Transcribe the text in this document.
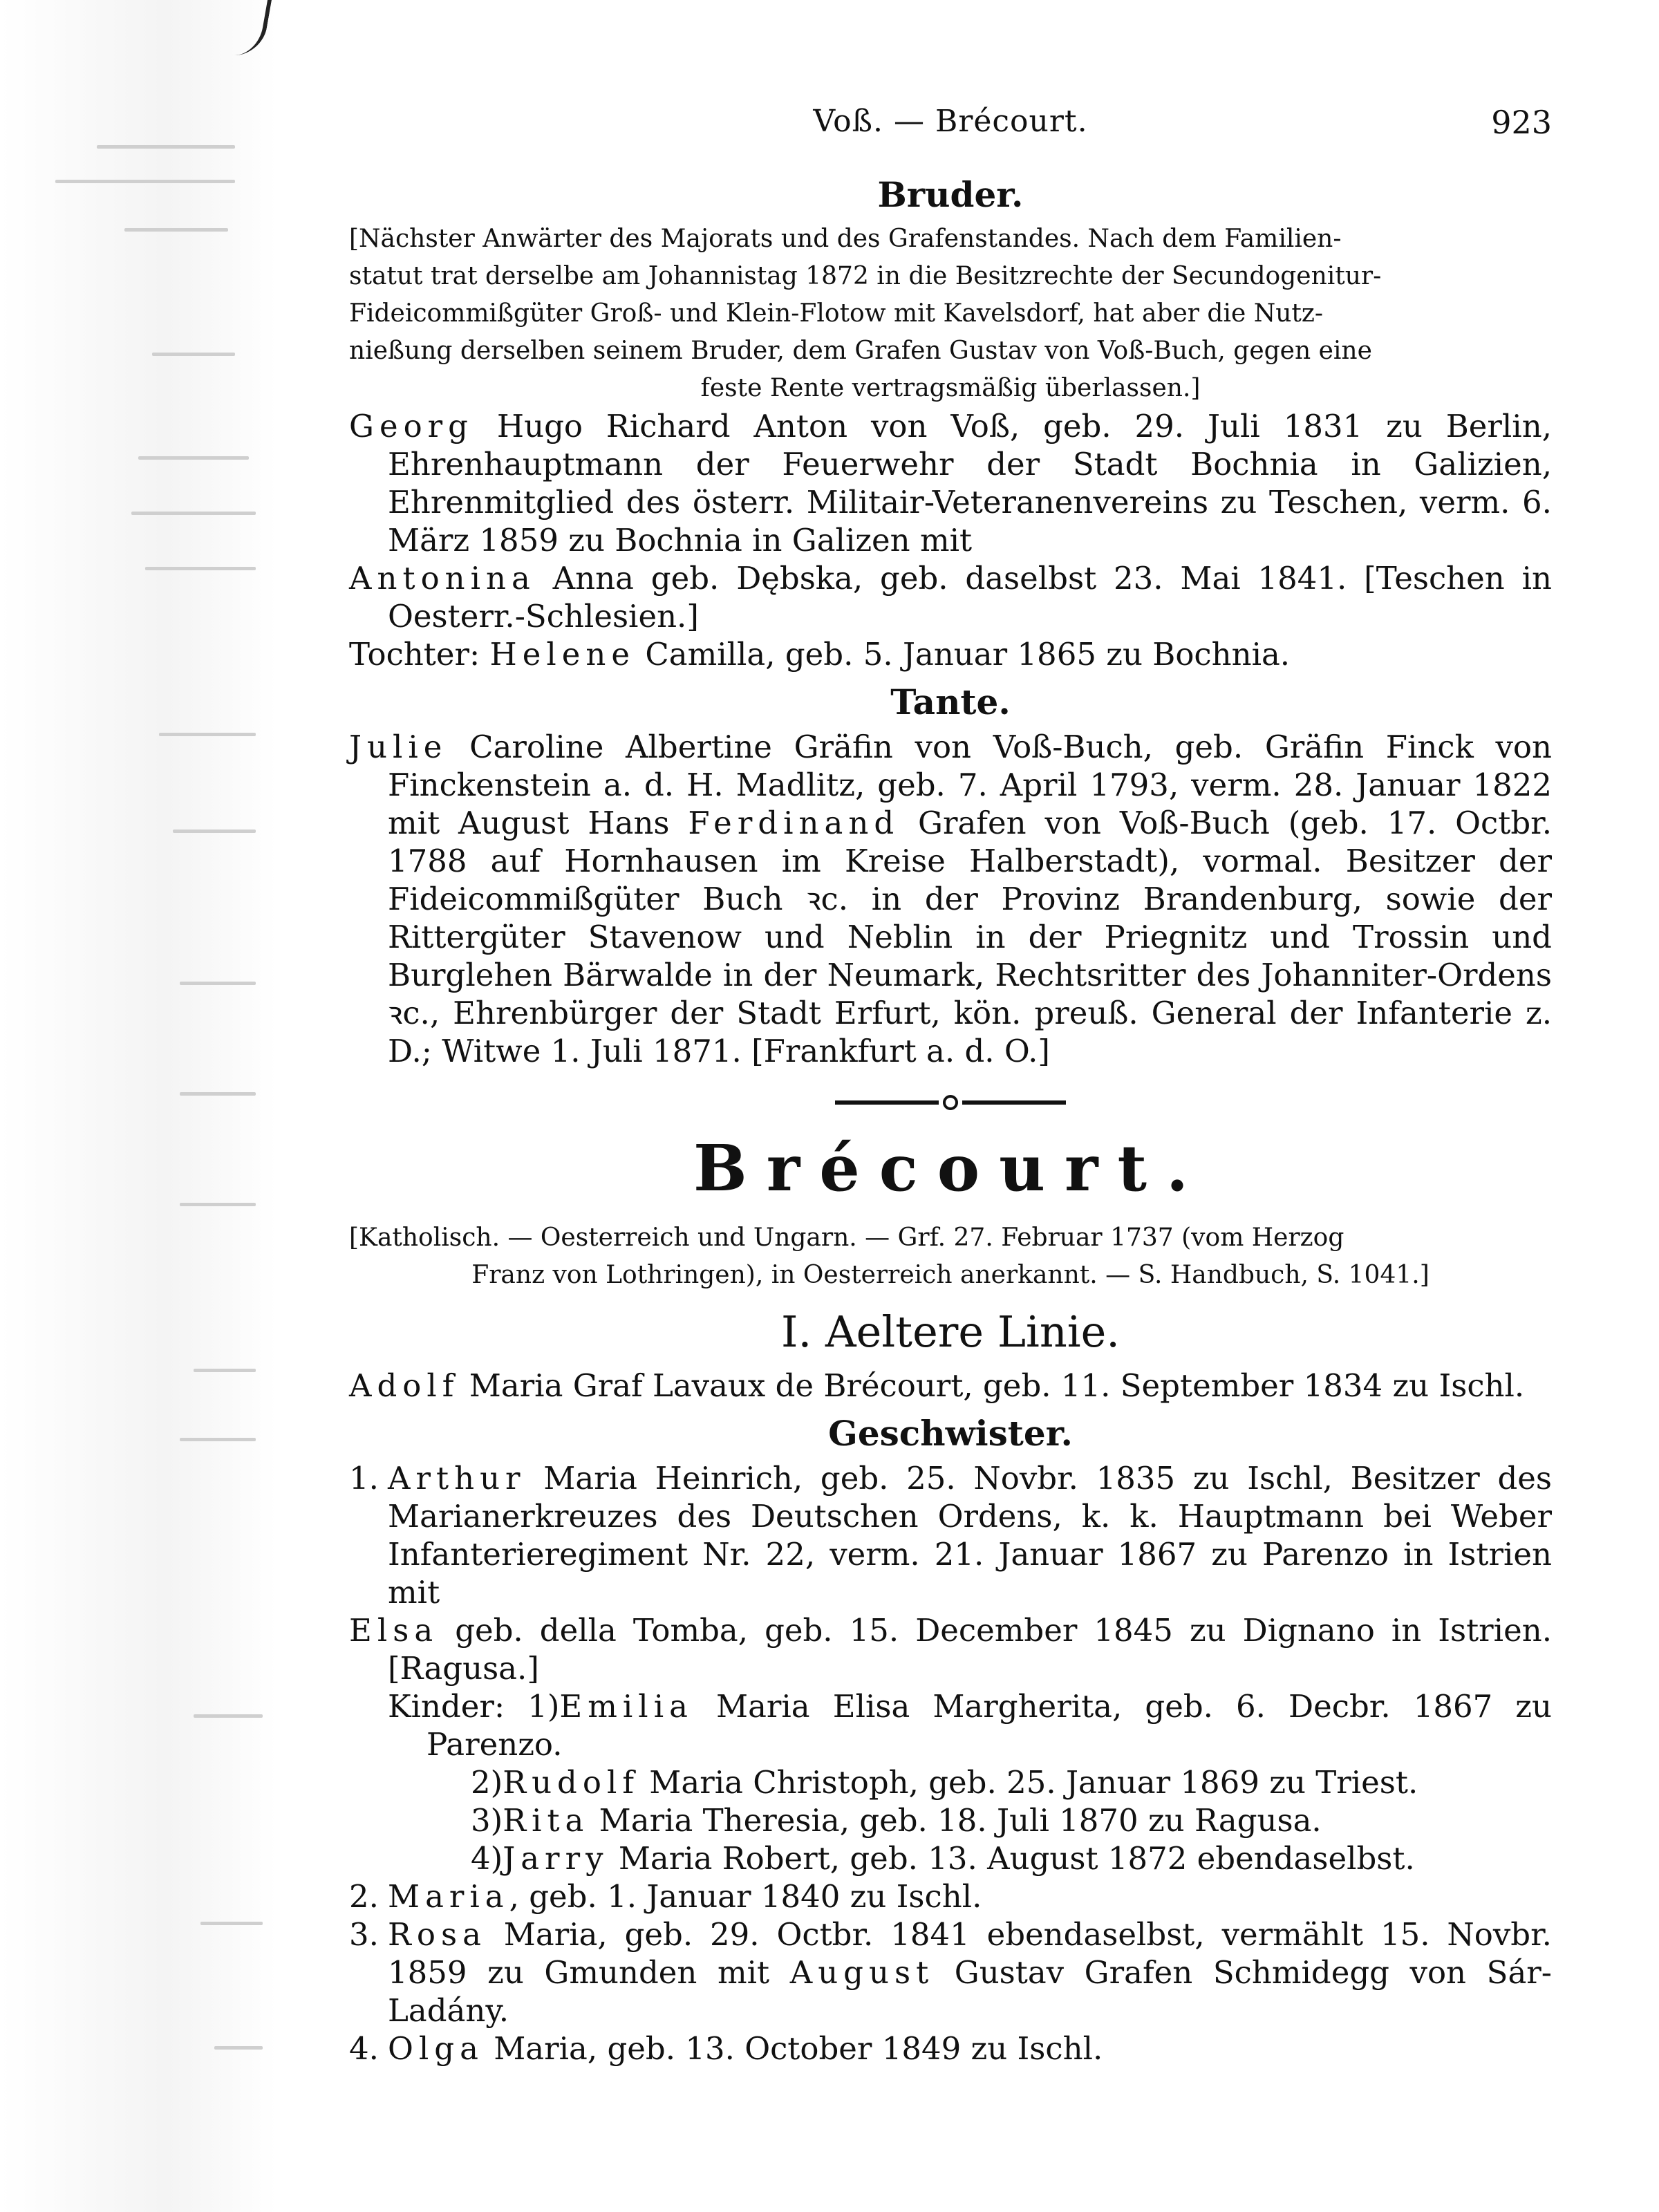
Voß. — Brécourt.	923
Bruder.
[Nächster Anwärter des Majorats und des Grafenstandes. Nach dem Familien-
statut trat derselbe am Johannistag 1872 in die Besitzrechte der Secundogenitur-
Fideicommißgüter Groß- und Klein-Flotow mit Kavelsdorf, hat aber die Nutz-
nießung derselben seinem Bruder, dem Grafen Gustav von Voß-Buch, gegen eine
feste Rente vertragsmäßig überlassen.]

Georg Hugo Richard Anton von Voß, geb. 29. Juli 1831 zu Berlin, Ehrenhauptmann der Feuerwehr der Stadt Bochnia in Galizien, Ehrenmitglied des österr. Militair-Veteranenvereins zu Teschen, verm. 6. März 1859 zu Bochnia in Galizen mit

Antonina Anna geb. Dębska, geb. daselbst 23. Mai 1841. [Teschen in Oesterr.-Schlesien.]

Tochter: Helene Camilla, geb. 5. Januar 1865 zu Bochnia.

Tante.

Julie Caroline Albertine Gräfin von Voß-Buch, geb. Gräfin Finck von Finckenstein a. d. H. Madlitz, geb. 7. April 1793, verm. 28. Januar 1822 mit August Hans Ferdinand Grafen von Voß-Buch (geb. 17. Octbr. 1788 auf Hornhausen im Kreise Halberstadt), vormal. Besitzer der Fideicommißgüter Buch ꝛc. in der Provinz Brandenburg, sowie der Rittergüter Stavenow und Neblin in der Priegnitz und Trossin und Burglehen Bärwalde in der Neumark, Rechtsritter des Johanniter-Ordens ꝛc., Ehrenbürger der Stadt Erfurt, kön. preuß. General der Infanterie z. D.; Witwe 1. Juli 1871. [Frankfurt a. d. O.]

Brécourt.
[Katholisch. — Oesterreich und Ungarn. — Grf. 27. Februar 1737 (vom Herzog
Franz von Lothringen), in Oesterreich anerkannt. — S. Handbuch, S. 1041.]
I. Aeltere Linie.

Adolf Maria Graf Lavaux de Brécourt, geb. 11. September 1834 zu Ischl.

Geschwister.
1. Arthur Maria Heinrich, geb. 25. Novbr. 1835 zu Ischl, Besitzer des Marianerkreuzes des Deutschen Ordens, k. k. Hauptmann bei Weber Infanterieregiment Nr. 22, verm. 21. Januar 1867 zu Parenzo in Istrien mit

Elsa geb. della Tomba, geb. 15. December 1845 zu Dignano in Istrien. [Ragusa.]

Kinder: 1)Emilia Maria Elisa Margherita, geb. 6. Decbr. 1867 zu Parenzo.
2)Rudolf Maria Christoph, geb. 25. Januar 1869 zu Triest.
3)Rita Maria Theresia, geb. 18. Juli 1870 zu Ragusa.
4)Jarry Maria Robert, geb. 13. August 1872 ebendaselbst.
2. Maria, geb. 1. Januar 1840 zu Ischl.
3. Rosa Maria, geb. 29. Octbr. 1841 ebendaselbst, vermählt 15. Novbr. 1859 zu Gmunden mit August Gustav Grafen Schmidegg von Sár-Ladány.
4. Olga Maria, geb. 13. October 1849 zu Ischl.
